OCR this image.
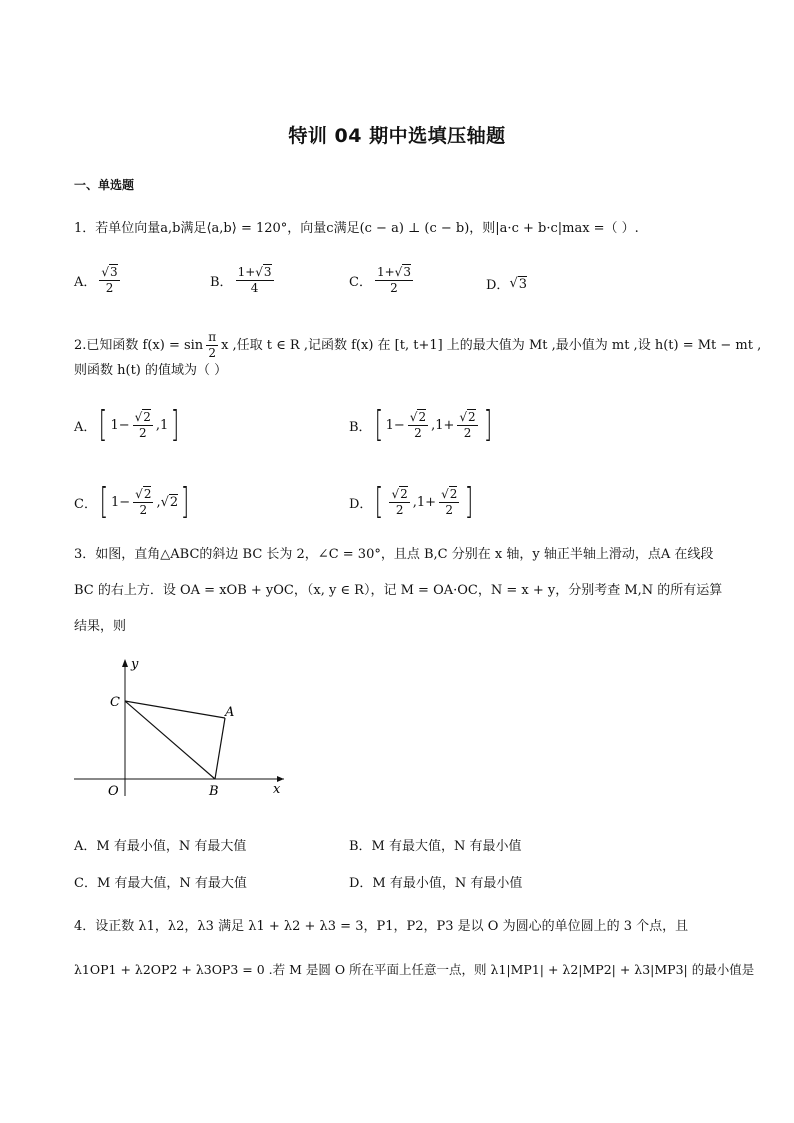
特训 04 期中选填压轴题
一、单选题
1．若单位向量a,b满足⟨a,b⟩ = 120°，向量c满足(c − a) ⊥ (c − b)，则|a·c + b·c|max =（ ）.
A． √ $\frac{3}{2}$	B． $\frac{1+ √ 3}{4}$	C． $\frac{1+ √ 3}{2}$	D． √ 3
2.已知函数 $f(x) = \sin \frac{\pi}{2}$ x ,任取 t ∈ R ,记函数 f(x) 在 [t, t+1] 上的最大值为 Mt ,最小值为 mt ,设 h(t) = Mt − mt ,
则函数 h(t) 的值域为（ ）
A． [ 1− √ $\frac{2}{2} ,1$ ]	B． [ 1− √ $\frac{2}{2} ,1+$ √ $\frac{2}{2}$ ]
C． [ 1− √ $\frac{2}{2}$ , √ 2 ]	D． [ √ $\frac{2}{2} ,1+$ √ $\frac{2}{2}$ ]
3．如图，直角△ABC的斜边 BC 长为 2，∠C = 30°，且点 B,C 分别在 x 轴，y 轴正半轴上滑动，点A 在线段
BC 的右上方．设 OA = xOB + yOC，（x, y ∈ R），记 M = OA·OC，N = x + y，分别考查 M,N 的所有运算
结果，则
y
x
O
C
A
B
A．M 有最小值，N 有最大值	B．M 有最大值，N 有最小值
C．M 有最大值，N 有最大值	D．M 有最小值，N 有最小值
4．设正数 λ1，λ2，λ3 满足 λ1 + λ2 + λ3 = 3，P1，P2，P3 是以 O 为圆心的单位圆上的 3 个点，且
λ1OP1 + λ2OP2 + λ3OP3 = 0 .若 M 是圆 O 所在平面上任意一点，则 λ1|MP1| + λ2|MP2| + λ3|MP3| 的最小值是
